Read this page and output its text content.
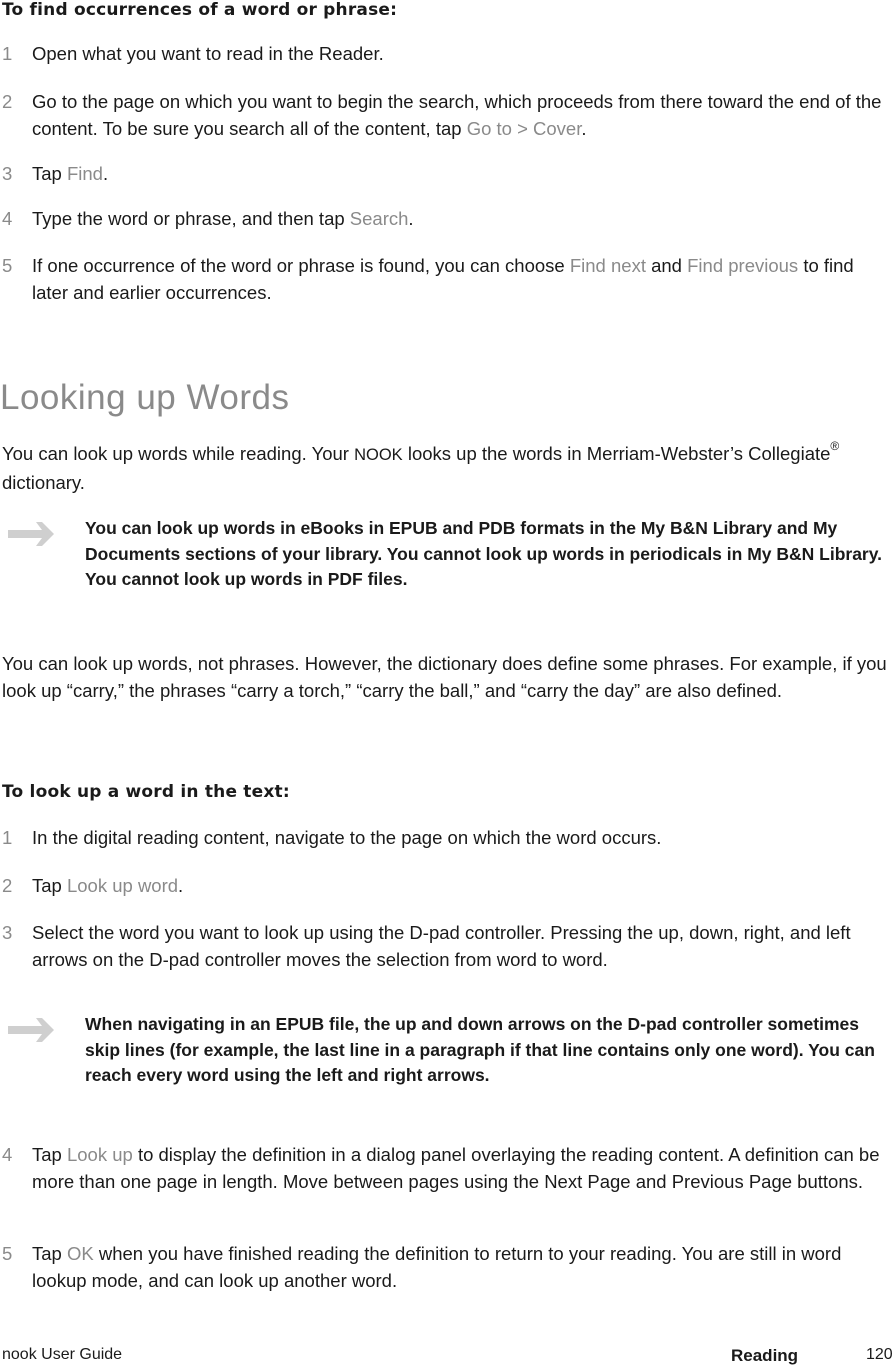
To find occurrences of a word or phrase:
1 Open what you want to read in the Reader.
2 Go to the page on which you want to begin the search, which proceeds from there toward the end of the content. To be sure you search all of the content, tap Go to > Cover.
3 Tap Find.
4 Type the word or phrase, and then tap Search.
5 If one occurrence of the word or phrase is found, you can choose Find next and Find previous to find later and earlier occurrences.
Looking up Words

You can look up words while reading. Your NOOK looks up the words in Merriam-Webster’s Collegiate® dictionary.

You can look up words in eBooks in EPUB and PDB formats in the My B&N Library and My Documents sections of your library. You cannot look up words in periodicals in My B&N Library. You cannot look up words in PDF files.

You can look up words, not phrases. However, the dictionary does define some phrases. For example, if you look up “carry,” the phrases “carry a torch,” “carry the ball,” and “carry the day” are also defined.

To look up a word in the text:
1 In the digital reading content, navigate to the page on which the word occurs.
2 Tap Look up word.
3 Select the word you want to look up using the D-pad controller. Pressing the up, down, right, and left arrows on the D-pad controller moves the selection from word to word.
When navigating in an EPUB file, the up and down arrows on the D-pad controller sometimes skip lines (for example, the last line in a paragraph if that line contains only one word). You can reach every word using the left and right arrows.
4 Tap Look up to display the definition in a dialog panel overlaying the reading content. A definition can be more than one page in length. Move between pages using the Next Page and Previous Page buttons.
5 Tap OK when you have finished reading the definition to return to your reading. You are still in word lookup mode, and can look up another word.
nook User Guide	Reading	120
